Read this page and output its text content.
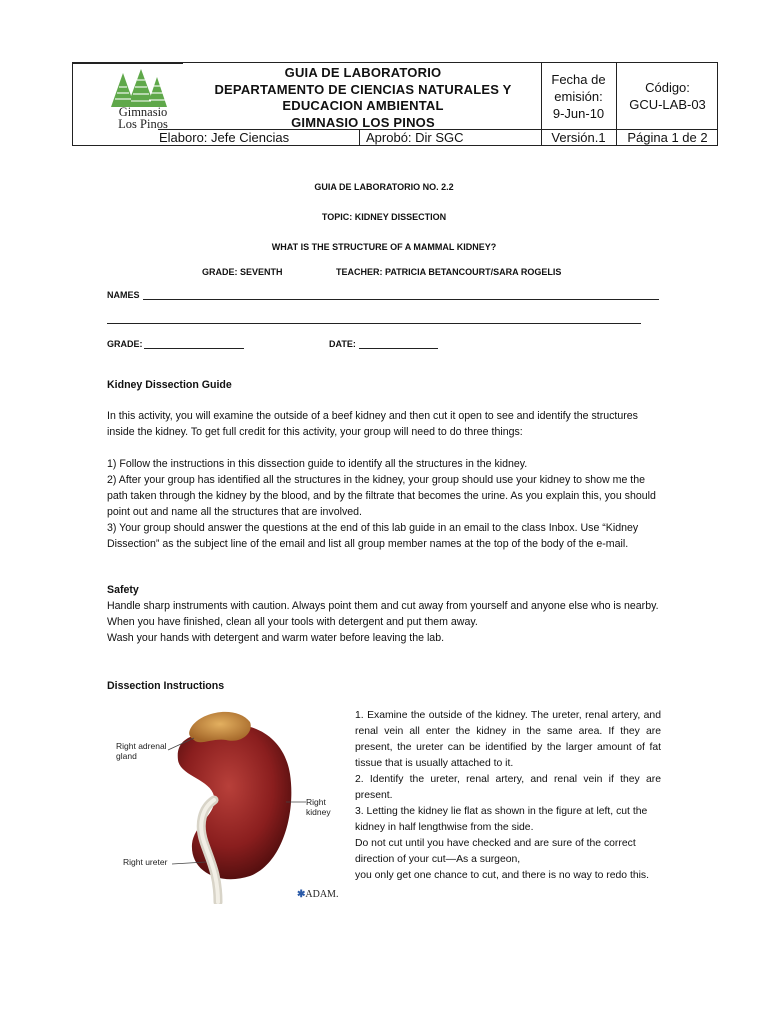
Gimnasio
Los Pinos
GUIA DE LABORATORIO
DEPARTAMENTO DE CIENCIAS NATURALES Y
EDUCACION AMBIENTAL
GIMNASIO LOS PINOS
Fecha de emisión:
9-Jun-10
Código:
GCU-LAB-03
Elaboro: Jefe Ciencias	Aprobó: Dir SGC	Versión.1	Página 1 de 2
GUIA DE LABORATORIO NO. 2.2
TOPIC: KIDNEY DISSECTION
WHAT IS THE STRUCTURE OF A MAMMAL KIDNEY?
GRADE: SEVENTH	TEACHER: PATRICIA BETANCOURT/SARA ROGELIS
NAMES
GRADE:	DATE:
Kidney Dissection Guide
In this activity, you will examine the outside of a beef kidney and then cut it open to see and identify the structures inside the kidney. To get full credit for this activity, your group will need to do three things:
1) Follow the instructions in this dissection guide to identify all the structures in the kidney.
2) After your group has identified all the structures in the kidney, your group should use your kidney to show me the path taken through the kidney by the blood, and by the filtrate that becomes the urine. As you explain this, you should point out and name all the structures that are involved.
3) Your group should answer the questions at the end of this lab guide in an email to the class Inbox. Use “Kidney Dissection” as the subject line of the email and list all group member names at the top of the body of the e-mail.
Safety
Handle sharp instruments with caution. Always point them and cut away from yourself and anyone else who is nearby.
When you have finished, clean all your tools with detergent and put them away.
Wash your hands with detergent and warm water before leaving the lab.
Dissection Instructions
Right adrenal gland
Right kidney
Right ureter
✱ADAM.

1. Examine the outside of the kidney. The ureter, renal artery, and renal vein all enter the kidney in the same area. If they are present, the ureter can be identified by the larger amount of fat tissue that is usually attached to it.

2. Identify the ureter, renal artery, and renal vein if they are present.

3. Letting the kidney lie flat as shown in the figure at left, cut the kidney in half lengthwise from the side.

Do not cut until you have checked and are sure of the correct direction of your cut—As a surgeon,

you only get one chance to cut, and there is no way to redo this.
